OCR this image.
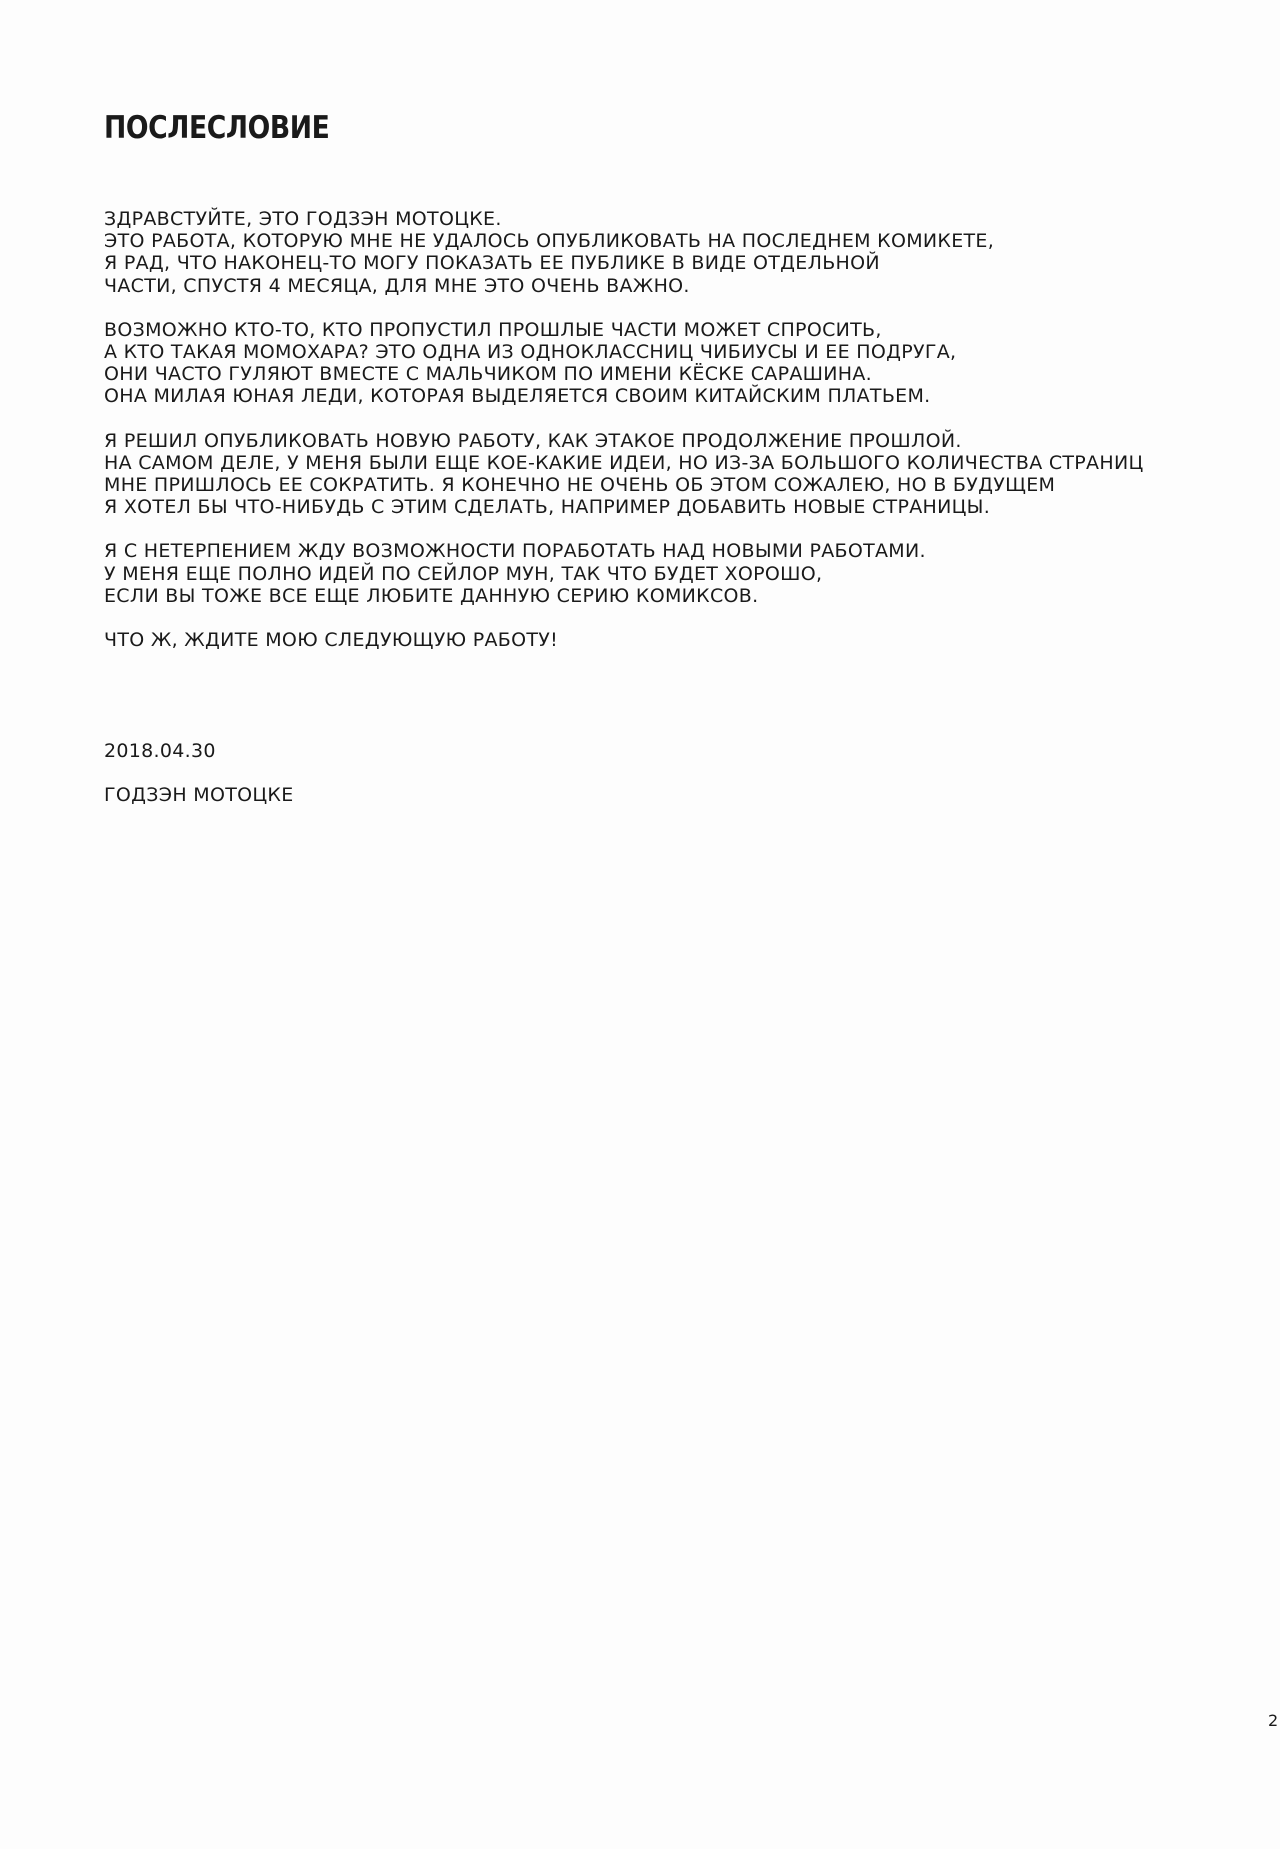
ПОСЛЕСЛОВИЕ

ЗДРАВСТУЙТЕ, ЭТО ГОДЗЭН МОТОЦКЕ.
ЭТО РАБОТА, КОТОРУЮ МНЕ НЕ УДАЛОСЬ ОПУБЛИКОВАТЬ НА ПОСЛЕДНЕМ КОМИКЕТЕ,
Я РАД, ЧТО НАКОНЕЦ-ТО МОГУ ПОКАЗАТЬ ЕЕ ПУБЛИКЕ В ВИДЕ ОТДЕЛЬНОЙ
ЧАСТИ, СПУСТЯ 4 МЕСЯЦА, ДЛЯ МНЕ ЭТО ОЧЕНЬ ВАЖНО.

ВОЗМОЖНО КТО-ТО, КТО ПРОПУСТИЛ ПРОШЛЫЕ ЧАСТИ МОЖЕТ СПРОСИТЬ,
А КТО ТАКАЯ МОМОХАРА? ЭТО ОДНА ИЗ ОДНОКЛАССНИЦ ЧИБИУСЫ И ЕЕ ПОДРУГА,
ОНИ ЧАСТО ГУЛЯЮТ ВМЕСТЕ С МАЛЬЧИКОМ ПО ИМЕНИ КЁСКЕ САРАШИНА.
ОНА МИЛАЯ ЮНАЯ ЛЕДИ, КОТОРАЯ ВЫДЕЛЯЕТСЯ СВОИМ КИТАЙСКИМ ПЛАТЬЕМ.

Я РЕШИЛ ОПУБЛИКОВАТЬ НОВУЮ РАБОТУ, КАК ЭТАКОЕ ПРОДОЛЖЕНИЕ ПРОШЛОЙ.
НА САМОМ ДЕЛЕ, У МЕНЯ БЫЛИ ЕЩЕ КОЕ-КАКИЕ ИДЕИ, НО ИЗ-ЗА БОЛЬШОГО КОЛИЧЕСТВА СТРАНИЦ
МНЕ ПРИШЛОСЬ ЕЕ СОКРАТИТЬ. Я КОНЕЧНО НЕ ОЧЕНЬ ОБ ЭТОМ СОЖАЛЕЮ, НО В БУДУЩЕМ
Я ХОТЕЛ БЫ ЧТО-НИБУДЬ С ЭТИМ СДЕЛАТЬ, НАПРИМЕР ДОБАВИТЬ НОВЫЕ СТРАНИЦЫ.

Я С НЕТЕРПЕНИЕМ ЖДУ ВОЗМОЖНОСТИ ПОРАБОТАТЬ НАД НОВЫМИ РАБОТАМИ.
У МЕНЯ ЕЩЕ ПОЛНО ИДЕЙ ПО СЕЙЛОР МУН, ТАК ЧТО БУДЕТ ХОРОШО,
ЕСЛИ ВЫ ТОЖЕ ВСЕ ЕЩЕ ЛЮБИТЕ ДАННУЮ СЕРИЮ КОМИКСОВ.

ЧТО Ж, ЖДИТЕ МОЮ СЛЕДУЮЩУЮ РАБОТУ!

2018.04.30
ГОДЗЭН МОТОЦКЕ
2
